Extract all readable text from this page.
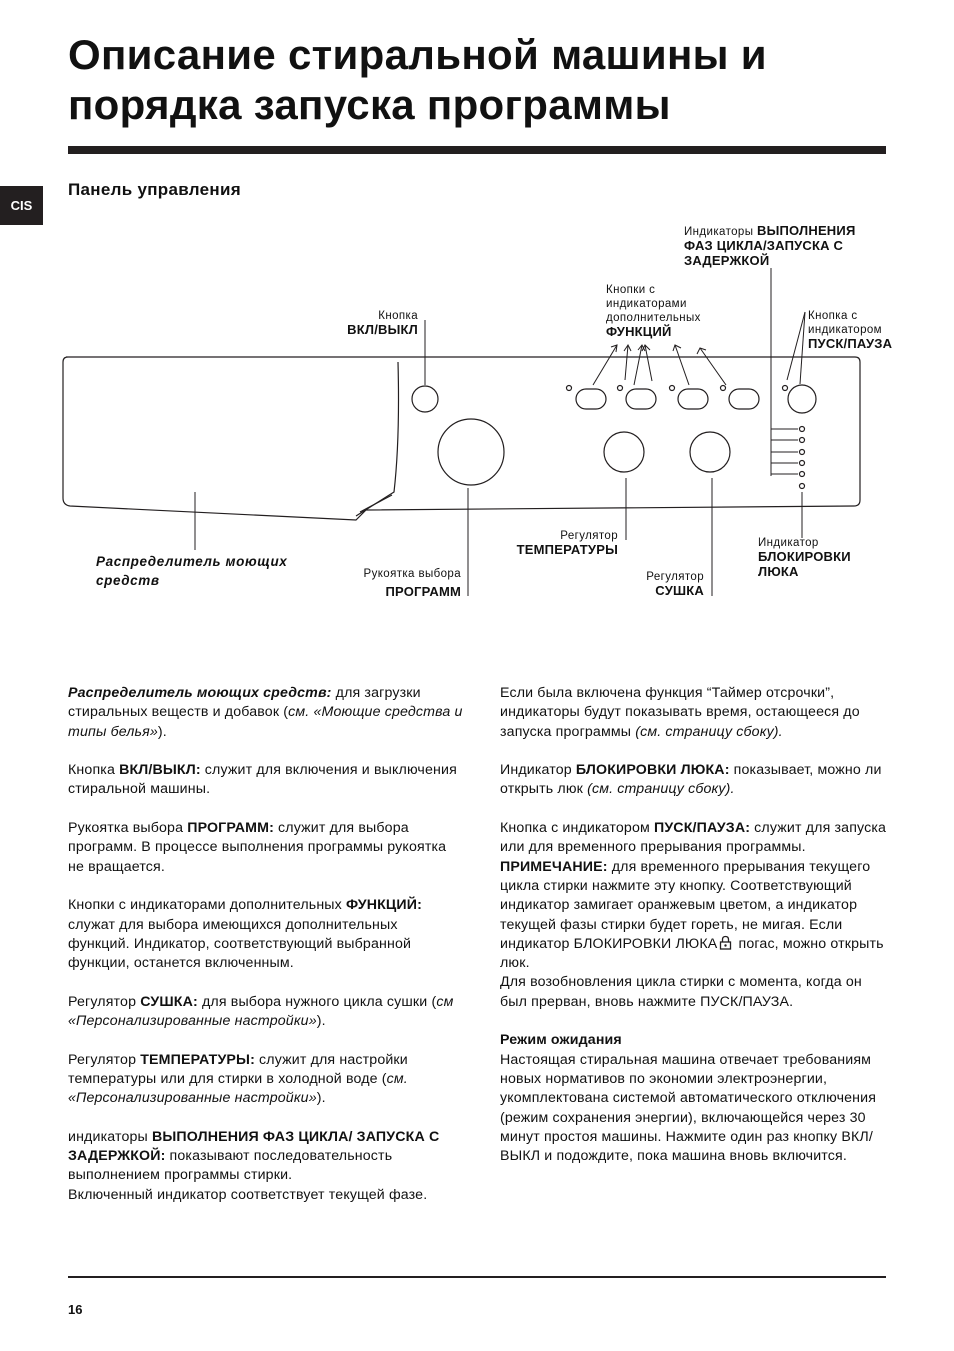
Описание стиральной машины и
порядка запуска программы
CIS
Панель управления
Индикаторы ВЫПОЛНЕНИЯ
ФАЗ ЦИКЛА/ЗАПУСКА С
ЗАДЕРЖКОЙ
Кнопки с
индикаторами
дополнительных
ФУНКЦИЙ
Кнопка
ВКЛ/ВЫКЛ
Кнопка с
индикатором
ПУСК/ПАУЗА
Распределитель моющих
средств	Рукоятка выбора
ПРОГРАММ
Регулятор
ТЕМПЕРАТУРЫ
Регулятор
СУШКА
Индикатор
БЛОКИРОВКИ
ЛЮКА

Распределитель моющих средств: для загрузки стиральных веществ и добавок (см. «Моющие средства и типы белья»).

Кнопка ВКЛ/ВЫКЛ: служит для включения и выключения стиральной машины.

Рукоятка выбора ПРОГРАММ: служит для выбора программ. В процессе выполнения программы рукоятка не вращается.

Кнопки с индикаторами дополнительных ФУНКЦИЙ: служат для выбора имеющихся дополнительных функций. Индикатор, соответствующий выбранной функции, останется включенным.

Регулятор СУШКА: для выбора нужного цикла сушки (см «Персонализированные настройки»).

Регулятор ТЕМПЕРАТУРЫ: служит для настройки температуры или для стирки в холодной воде (см. «Персонализированные настройки»).

индикаторы ВЫПОЛНЕНИЯ ФАЗ ЦИКЛА/ ЗАПУСКА С ЗАДЕРЖКОЙ: показывают последовательность выполнением программы стирки.

Включенный индикатор соответствует текущей фазе.

Если была включена функция “Таймер отсрочки”, индикаторы будут показывать время, остающееся до запуска программы (см. страницу сбоку).

Индикатор БЛОКИРОВКИ ЛЮКА: показывает, можно ли открыть люк (см. страницу сбоку).

Кнопка с индикатором ПУСК/ПАУЗА: служит для запуска или для временного прерывания программы.

ПРИМЕЧАНИЕ: для временного прерывания текущего цикла стирки нажмите эту кнопку. Соответствующий индикатор замигает оранжевым цветом, а индикатор текущей фазы стирки будет гореть, не мигая. Если индикатор БЛОКИРОВКИ ЛЮКА погас, можно открыть люк.

Для возобновления цикла стирки с момента, когда он был прерван, вновь нажмите ПУСК/ПАУЗА.

Режим ожидания

Настоящая стиральная машина отвечает требованиям новых нормативов по экономии электроэнергии, укомплектована системой автоматического отключения (режим сохранения энергии), включающейся через 30 минут простоя машины. Нажмите один раз кнопку ВКЛ/ВЫКЛ и подождите, пока машина вновь включится.

16
